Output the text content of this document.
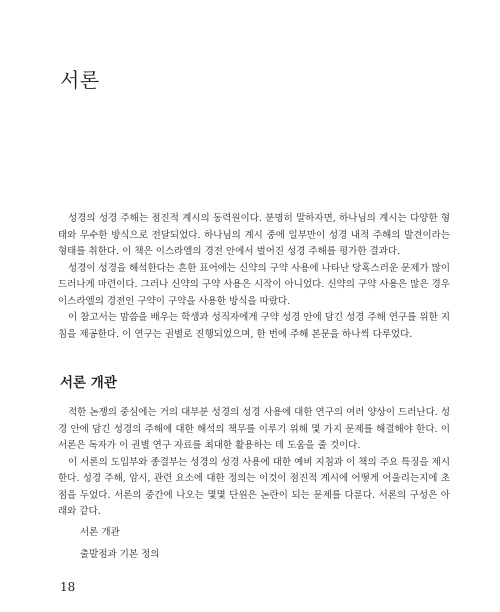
서론

성경의 성경 주해는 점진적 계시의 동력원이다. 분명히 말하자면, 하나님의 계시는 다양한 형태와 무수한 방식으로 전달되었다. 하나님의 계시 중에 일부만이 성경 내적 주해의 발견이라는 형태를 취한다. 이 책은 이스라엘의 경전 안에서 벌어진 성경 주해를 평가한 결과다.

성경이 성경을 해석한다는 흔한 표어에는 신약의 구약 사용에 나타난 당혹스러운 문제가 많이 드러나게 마련이다. 그러나 신약의 구약 사용은 시작이 아니었다. 신약의 구약 사용은 많은 경우 이스라엘의 경전인 구약이 구약을 사용한 방식을 따랐다.

이 참고서는 맘씀을 배우는 학생과 성직자에게 구약 성경 안에 담긴 성경 주해 연구를 위한 지침을 제공한다. 이 연구는 권별로 진행되었으며, 한 번에 주해 본문을 하나씩 다루었다.

서론 개관

적한 논쟁의 중심에는 거의 대부분 성경의 성경 사용에 대한 연구의 여러 양상이 드러난다. 성경 안에 담긴 성경의 주해에 대한 해석의 책무를 이루기 위해 몇 가지 문제를 해결해야 한다. 이 서론은 독자가 이 권별 연구 자료를 최대한 활용하는 데 도움을 줄 것이다.

이 서론의 도입부와 종결부는 성경의 성경 사용에 대한 예비 지침과 이 책의 주요 특징을 제시한다. 성경 주해, 암시, 관련 요소에 대한 정의는 이것이 점진적 계시에 어떻게 어울리는지에 초점을 두었다. 서론의 중간에 나오는 몇몇 단원은 논란이 되는 문제를 다룬다. 서론의 구성은 아래와 같다.

서론 개관
출발점과 기본 정의
18
